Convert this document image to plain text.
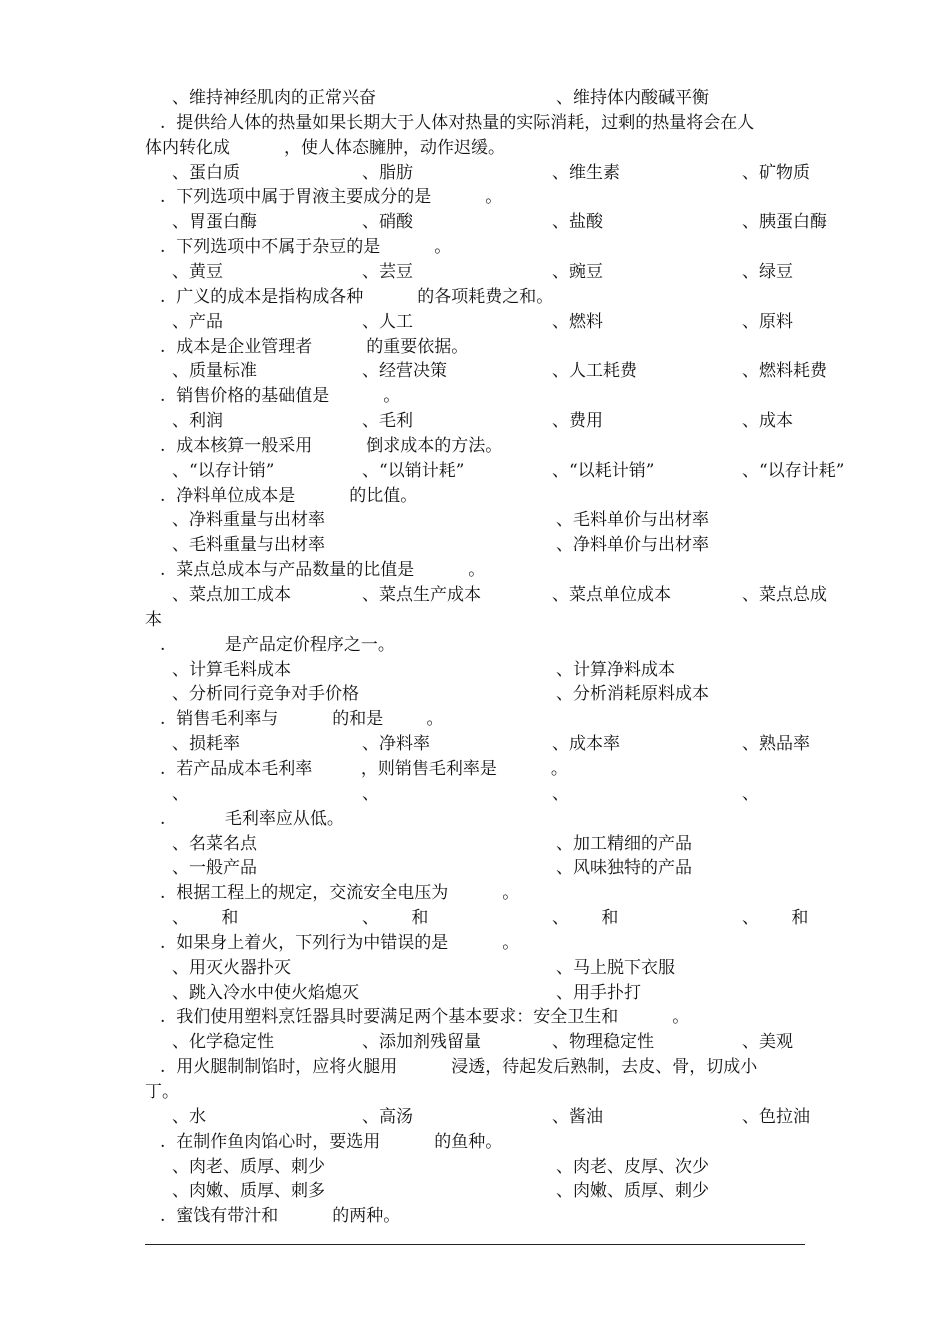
、维持神经肌肉的正常兴奋	、维持体内酸碱平衡
.  提供给人体的热量如果长期大于人体对热量的实际消耗，过剩的热量将会在人
体内转化成          ，使人体态臃肿，动作迟缓。
、蛋白质	、脂肪	、维生素	、矿物质
.  下列选项中属于胃液主要成分的是          。
、胃蛋白酶	、硝酸	、盐酸	、胰蛋白酶
.  下列选项中不属于杂豆的是          。
、黄豆	、芸豆	、豌豆	、绿豆
.  广义的成本是指构成各种          的各项耗费之和。
、产品	、人工	、燃料	、原料
.  成本是企业管理者          的重要依据。
、质量标准	、经营决策	、人工耗费	、燃料耗费
.  销售价格的基础值是          。
、利润	、毛利	、费用	、成本
.  成本核算一般采用          倒求成本的方法。
、“以存计销”	、“以销计耗”	、“以耗计销”	、“以存计耗”
.  净料单位成本是          的比值。
、净料重量与出材率	、毛料单价与出材率
、毛料重量与出材率	、净料单价与出材率
.  菜点总成本与产品数量的比值是          。
、菜点加工成本	、菜点生产成本	、菜点单位成本	、菜点总成
本
.           是产品定价程序之一。
、计算毛料成本	、计算净料成本
、分析同行竞争对手价格	、分析消耗原料成本
.  销售毛利率与          的和是        。
、损耗率	、净料率	、成本率	、熟品率
.  若产品成本毛利率         ，则销售毛利率是          。
、	、	、	、
.           毛利率应从低。
、名菜名点	、加工精细的产品
、一般产品	、风味独特的产品
.  根据工程上的规定，交流安全电压为          。
、      和	、      和	、      和	、      和
.  如果身上着火，下列行为中错误的是          。
、用灭火器扑灭	、马上脱下衣服
、跳入冷水中使火焰熄灭	、用手扑打
.  我们使用塑料烹饪器具时要满足两个基本要求：安全卫生和          。
、化学稳定性	、添加剂残留量	、物理稳定性	、美观
.  用火腿制制馅时，应将火腿用          浸透，待起发后熟制，去皮、骨，切成小
丁。
、水	、高汤	、酱油	、色拉油
.  在制作鱼肉馅心时，要选用          的鱼种。
、肉老、质厚、刺少	、肉老、皮厚、次少
、肉嫩、质厚、刺多	、肉嫩、质厚、刺少
.  蜜饯有带汁和          的两种。
